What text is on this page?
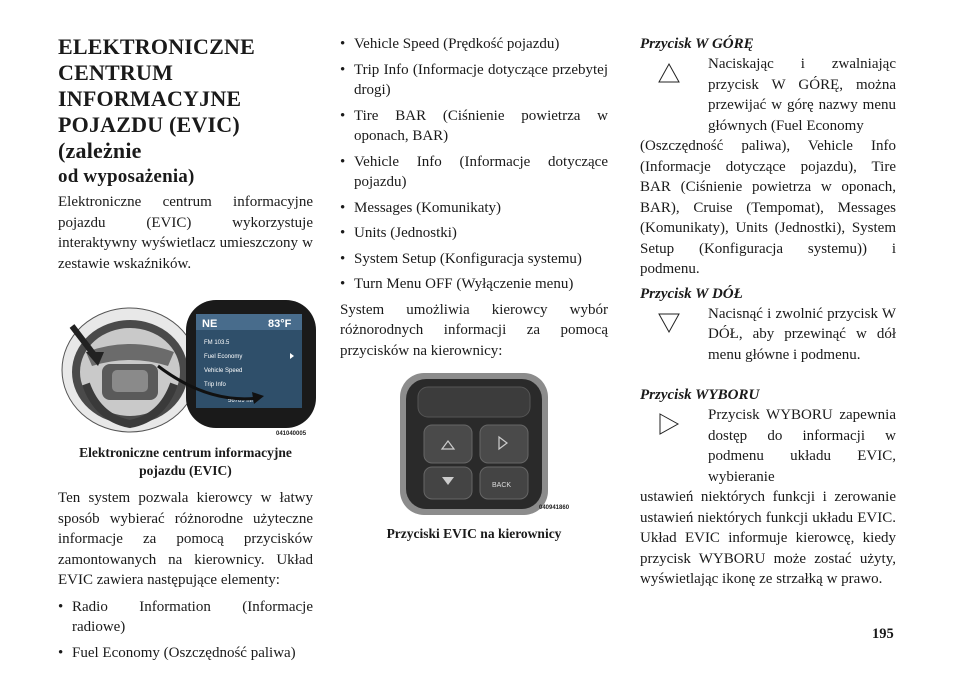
ELEKTRONICZNE
CENTRUM
INFORMACYJNE
POJAZDU (EVIC) (zależnie
od wyposażenia)

Elektroniczne centrum informacyjne pojazdu (EVIC) wykorzystuje interaktywny wyświetlacz umieszczony w zestawie wskaźników.

NE	83°F
FM 103.5
Fuel Economy
Vehicle Speed
Trip Info
56789 mi
041040005

Elektroniczne centrum informacyjne
pojazdu (EVIC)

Ten system pozwala kierowcy w łatwy sposób wybierać różnorodne użyteczne informacje za pomocą przycisków zamontowanych na kierownicy. Układ EVIC zawiera następujące elementy:

• Radio Information (Informacje radiowe)
• Fuel Economy (Oszczędność paliwa)
• Vehicle Speed (Prędkość pojazdu)
• Trip Info (Informacje dotyczące przebytej drogi)
• Tire BAR (Ciśnienie powietrza w oponach, BAR)
• Vehicle Info (Informacje dotyczące pojazdu)
• Messages (Komunikaty)
• Units (Jednostki)
• System Setup (Konfiguracja systemu)
• Turn Menu OFF (Wyłączenie menu)

System umożliwia kierowcy wybór różnorodnych informacji za pomocą przycisków na kierownicy:

BACK
040941860

Przyciski EVIC na kierownicy

Przycisk W GÓRĘ

Naciskając i zwalniając przycisk W GÓRĘ, można przewijać w górę nazwy menu głównych (Fuel Economy

(Oszczędność paliwa), Vehicle Info (Informacje dotyczące pojazdu), Tire BAR (Ciśnienie powietrza w oponach, BAR), Cruise (Tempomat), Messages (Komunikaty), Units (Jednostki), System Setup (Konfiguracja systemu)) i podmenu.

Przycisk W DÓŁ

Nacisnąć i zwolnić przycisk W DÓŁ, aby przewinąć w dół menu główne i podmenu.

Przycisk WYBORU

Przycisk WYBORU zapewnia dostęp do informacji w podmenu układu EVIC, wybieranie

ustawień niektórych funkcji i zerowanie ustawień niektórych funkcji układu EVIC. Układ EVIC informuje kierowcę, kiedy przycisk WYBORU może zostać użyty, wyświetlając ikonę ze strzałką w prawo.

195
